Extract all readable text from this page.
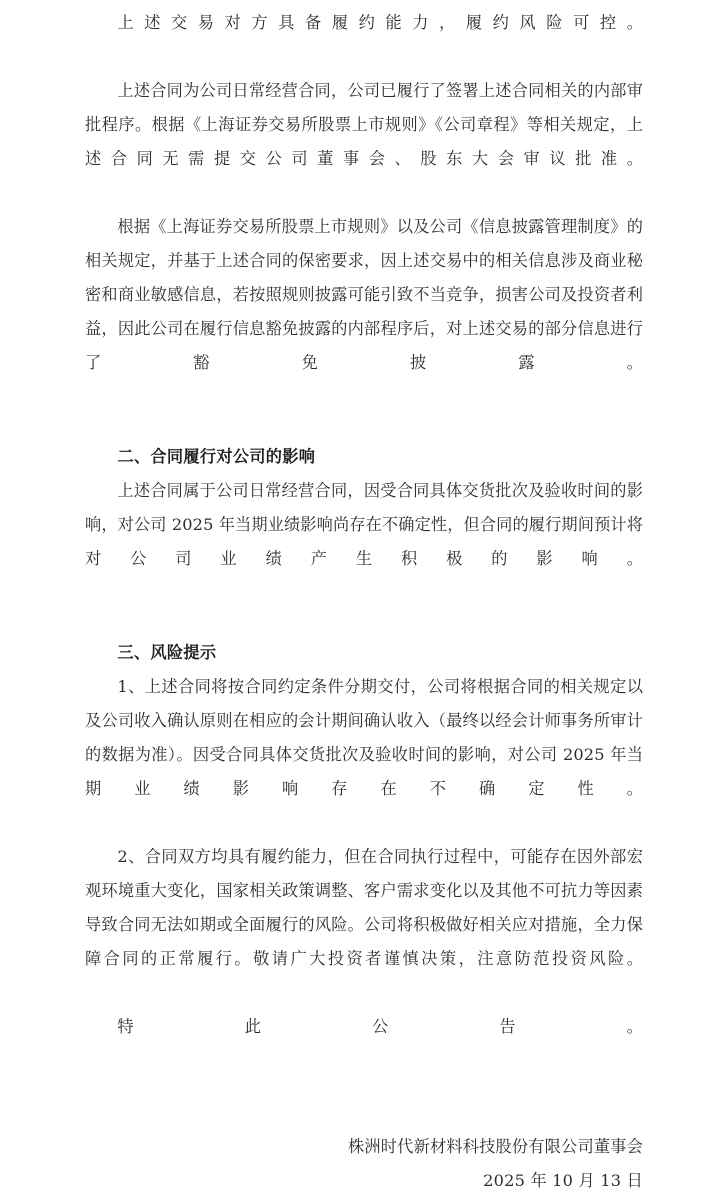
上述交易对方具备履约能力，履约风险可控。

上述合同为公司日常经营合同，公司已履行了签署上述合同相关的内部审批程序。根据《上海证券交易所股票上市规则》《公司章程》等相关规定，上述合同无需提交公司董事会、股东大会审议批准。

根据《上海证券交易所股票上市规则》以及公司《信息披露管理制度》的相关规定，并基于上述合同的保密要求，因上述交易中的相关信息涉及商业秘密和商业敏感信息，若按照规则披露可能引致不当竞争，损害公司及投资者利益，因此公司在履行信息豁免披露的内部程序后，对上述交易的部分信息进行了豁免披露。

二、合同履行对公司的影响

上述合同属于公司日常经营合同，因受合同具体交货批次及验收时间的影响，对公司 2025 年当期业绩影响尚存在不确定性，但合同的履行期间预计将对公司业绩产生积极的影响。

三、风险提示

1、上述合同将按合同约定条件分期交付，公司将根据合同的相关规定以及公司收入确认原则在相应的会计期间确认收入（最终以经会计师事务所审计的数据为准）。因受合同具体交货批次及验收时间的影响，对公司 2025 年当期业绩影响存在不确定性。

2、合同双方均具有履约能力，但在合同执行过程中，可能存在因外部宏观环境重大变化，国家相关政策调整、客户需求变化以及其他不可抗力等因素导致合同无法如期或全面履行的风险。公司将积极做好相关应对措施，全力保障合同的正常履行。敬请广大投资者谨慎决策，注意防范投资风险。

特此公告。

株洲时代新材料科技股份有限公司董事会

2025 年 10 月 13 日
